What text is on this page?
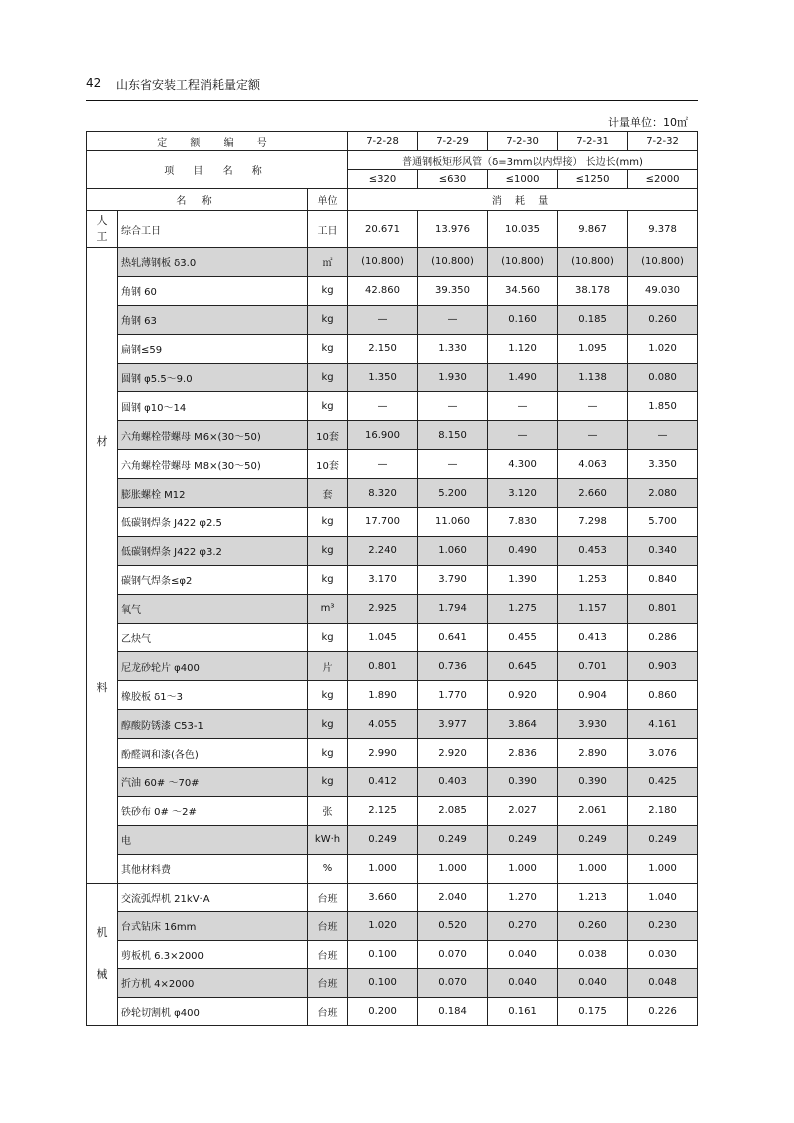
42 山东省安装工程消耗量定额
计量单位：10㎡
定 额 编 号			7-2-28	7-2-29	7-2-30	7-2-31	7-2-32
项 目 名 称			普通钢板矩形风管（δ=3mm以内焊接） 长边长(mm)				
			≤320	≤630	≤1000	≤1250	≤2000
名 称		单位	消 耗 量				

人
工	综合工日	工日	20.671	13.976	10.035	9.867	9.378

材
料	热轧薄钢板 δ3.0	㎡	(10.800)	(10.800)	(10.800)	(10.800)	(10.800)
	角钢 60	kg	42.860	39.350	34.560	38.178	49.030
	角钢 63	kg	—	—	0.160	0.185	0.260
	扁钢≤59	kg	2.150	1.330	1.120	1.095	1.020
	圆钢 φ5.5～9.0	kg	1.350	1.930	1.490	1.138	0.080
	圆钢 φ10～14	kg	—	—	—	—	1.850
	六角螺栓带螺母 M6×(30～50)	10套	16.900	8.150	—	—	—
	六角螺栓带螺母 M8×(30～50)	10套	—	—	4.300	4.063	3.350
	膨胀螺栓 M12	套	8.320	5.200	3.120	2.660	2.080
	低碳钢焊条 J422 φ2.5	kg	17.700	11.060	7.830	7.298	5.700
	低碳钢焊条 J422 φ3.2	kg	2.240	1.060	0.490	0.453	0.340
	碳钢气焊条≤φ2	kg	3.170	3.790	1.390	1.253	0.840
	氧气	m³	2.925	1.794	1.275	1.157	0.801
	乙炔气	kg	1.045	0.641	0.455	0.413	0.286
	尼龙砂轮片 φ400	片	0.801	0.736	0.645	0.701	0.903
	橡胶板 δ1～3	kg	1.890	1.770	0.920	0.904	0.860
	醇酸防锈漆 C53-1	kg	4.055	3.977	3.864	3.930	4.161
	酚醛调和漆(各色)	kg	2.990	2.920	2.836	2.890	3.076
	汽油 60# ～70#	kg	0.412	0.403	0.390	0.390	0.425
	铁砂布 0# ～2#	张	2.125	2.085	2.027	2.061	2.180
	电	kW·h	0.249	0.249	0.249	0.249	0.249
	其他材料费	%	1.000	1.000	1.000	1.000	1.000

机
械	交流弧焊机 21kV·A	台班	3.660	2.040	1.270	1.213	1.040
	台式钻床 16mm	台班	1.020	0.520	0.270	0.260	0.230
	剪板机 6.3×2000	台班	0.100	0.070	0.040	0.038	0.030
	折方机 4×2000	台班	0.100	0.070	0.040	0.040	0.048
	砂轮切割机 φ400	台班	0.200	0.184	0.161	0.175	0.226
